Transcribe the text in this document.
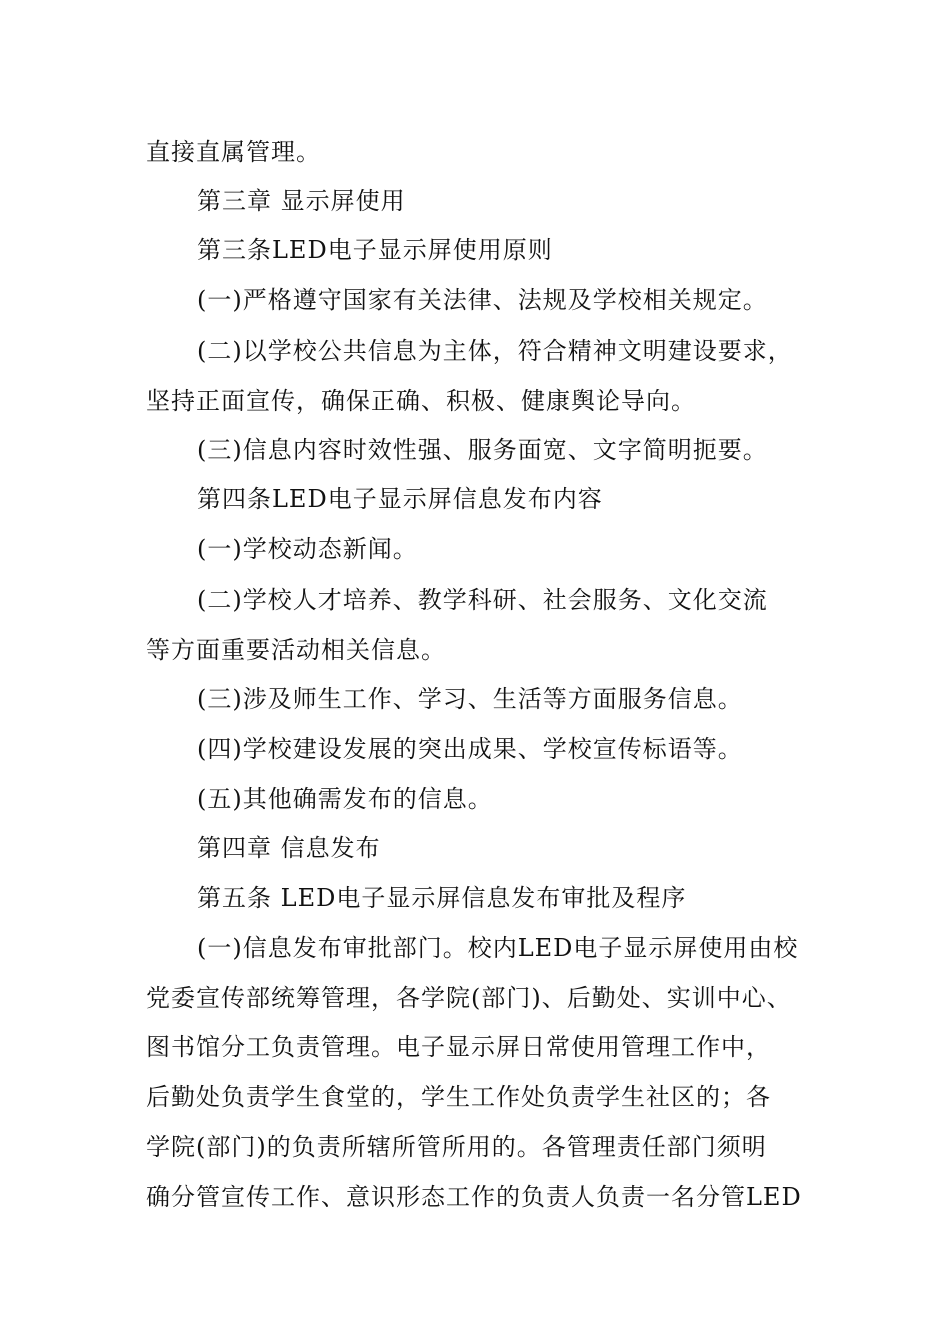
直接直属管理。
第三章 显示屏使用
第三条LED电子显示屏使用原则
(一)严格遵守国家有关法律、法规及学校相关规定。
(二)以学校公共信息为主体，符合精神文明建设要求，
坚持正面宣传，确保正确、积极、健康舆论导向。
(三)信息内容时效性强、服务面宽、文字简明扼要。
第四条LED电子显示屏信息发布内容
(一)学校动态新闻。
(二)学校人才培养、教学科研、社会服务、文化交流
等方面重要活动相关信息。
(三)涉及师生工作、学习、生活等方面服务信息。
(四)学校建设发展的突出成果、学校宣传标语等。
(五)其他确需发布的信息。
第四章 信息发布
第五条 LED电子显示屏信息发布审批及程序
(一)信息发布审批部门。校内LED电子显示屏使用由校
党委宣传部统筹管理，各学院(部门)、后勤处、实训中心、
图书馆分工负责管理。电子显示屏日常使用管理工作中，
后勤处负责学生食堂的，学生工作处负责学生社区的；各
学院(部门)的负责所辖所管所用的。各管理责任部门须明
确分管宣传工作、意识形态工作的负责人负责一名分管LED
